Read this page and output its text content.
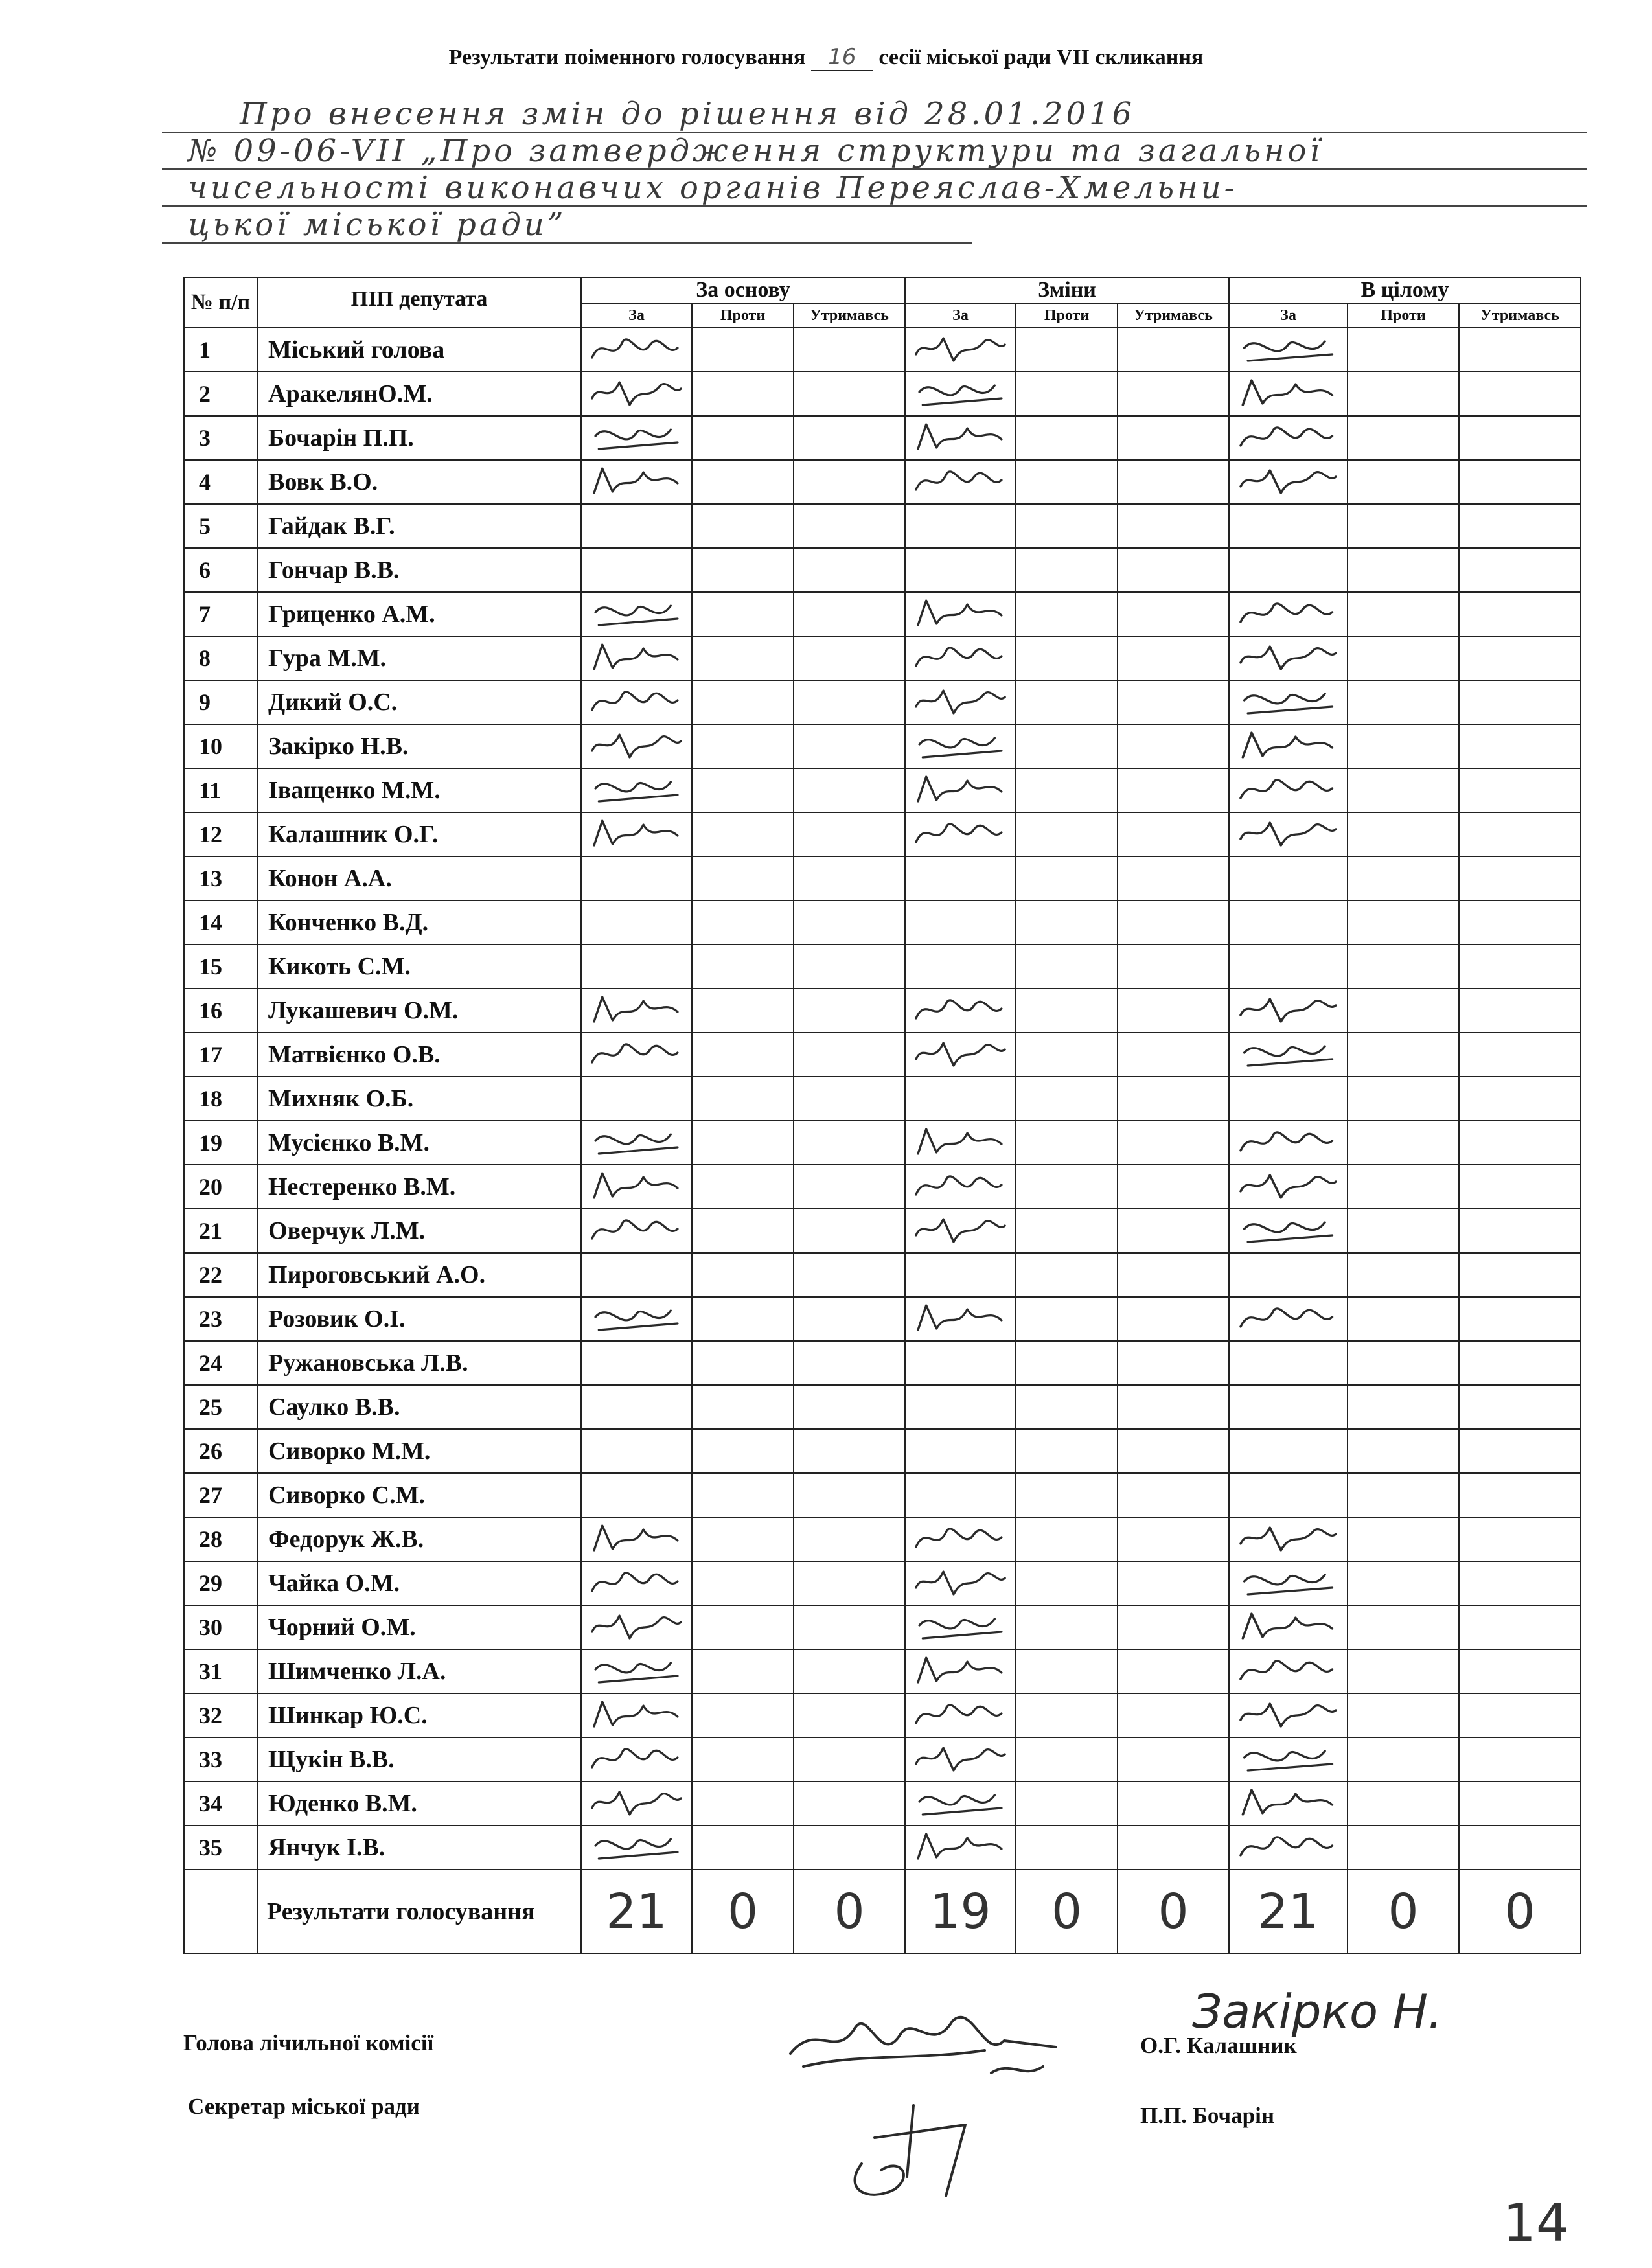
Результати поіменного голосування 16 сесії міської ради VII скликання
Про внесення змін до рішення від 28.01.2016
№ 09-06-VII „Про затвердження структури та загальної
чисельності виконавчих органів Переяслав-Хмельни-
цької міської ради”
№ п/п	ПІП депутата	За основу			Зміни			В цілому		
		За	Проти	Утримавсь	За	Проти	Утримавсь	За	Проти	Утримавсь
1	Міський голова	

2	АракелянО.М.	

3	Бочарін П.П.	

4	Вовк В.О.	

5	Гайдак В.Г.									
6	Гончар В.В.									
7	Гриценко А.М.	

8	Гура М.М.	

9	Дикий О.С.	

10	Закірко Н.В.	

11	Іващенко М.М.	

12	Калашник О.Г.	

13	Конон А.А.									
14	Конченко В.Д.									
15	Кикоть С.М.									
16	Лукашевич О.М.	

17	Матвієнко О.В.	

18	Михняк О.Б.									
19	Мусієнко В.М.	

20	Нестеренко В.М.	

21	Оверчук Л.М.	

22	Пироговський А.О.									
23	Розовик О.І.	

24	Ружановська Л.В.									
25	Саулко В.В.									
26	Сиворко М.М.									
27	Сиворко С.М.									
28	Федорук Ж.В.	

29	Чайка О.М.	

30	Чорний О.М.	

31	Шимченко Л.А.	

32	Шинкар Ю.С.	

33	Щукін В.В.	

34	Юденко В.М.	

35	Янчук І.В.	

	Результати голосування	21	0	0	19	0	0	21	0	0
Голова лічильної комісії	О.Г. Калашник
Секретар міської ради	П.П. Бочарін
Закірко Н.
14
